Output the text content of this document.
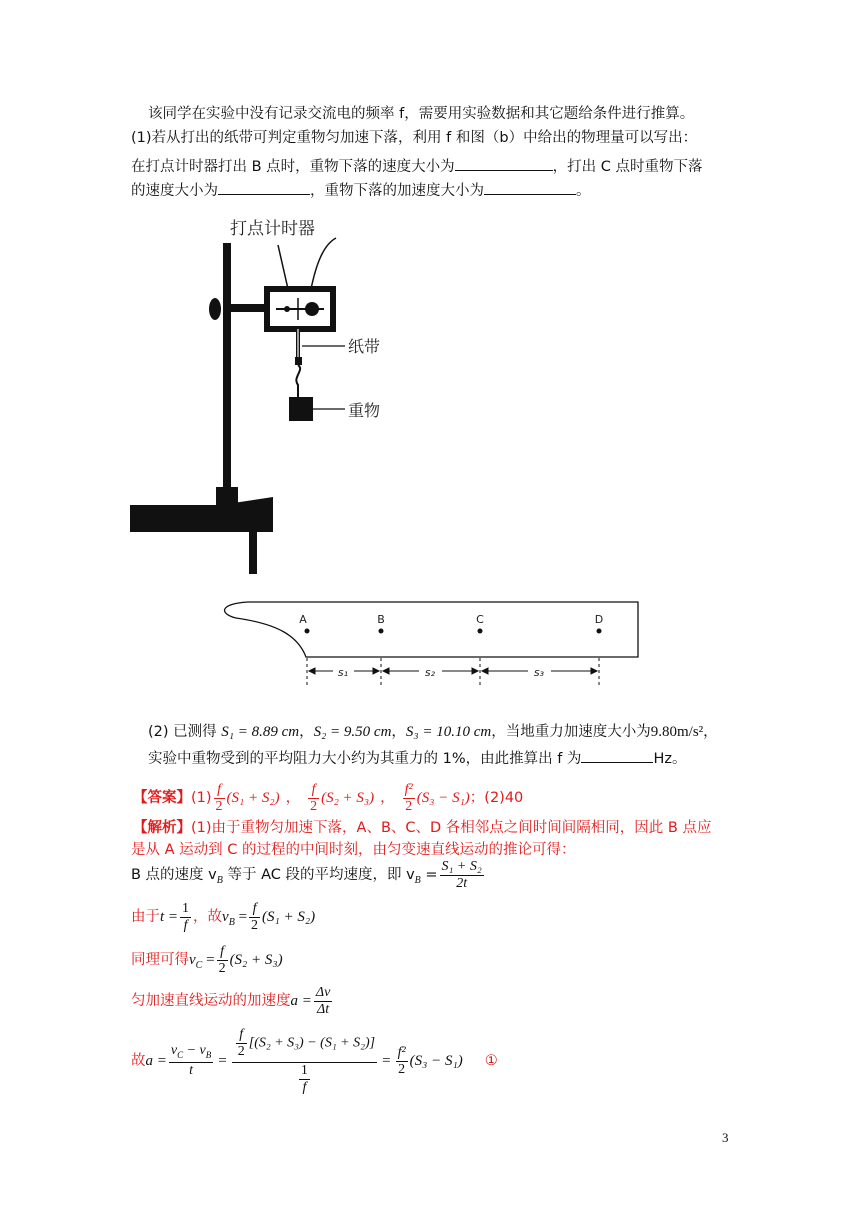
该同学在实验中没有记录交流电的频率 f，需要用实验数据和其它题给条件进行推算。
(1)若从打出的纸带可判定重物匀加速下落，利用 f 和图（b）中给出的物理量可以写出：
在打点计时器打出 B 点时，重物下落的速度大小为	，打出 C 点时重物下落
的速度大小为	，重物下落的加速度大小为	。
打点计时器
纸带
重物
A	B	C	D
s₁	s₂	s₃
(2) 已测得 S₁ = 8.89 cm，S₂ = 9.50 cm，S₃ = 10.10 cm，当地重力加速度大小为9.80m/s²，
实验中重物受到的平均阻力大小约为其重力的 1%，由此推算出 f 为	Hz。
【答案】$(1) \frac{f}{2} (S_1 + S_2)$ ， $\frac{f}{2} (S_2 + S_3)$ ， $\frac{\text{f²}}{2} (S_3 - S_1)$；(2)40
【解析】(1)由于重物匀加速下落，A、B、C、D 各相邻点之间时间间隔相同，因此 B 点应
是从 A 运动到 C 的过程的中间时刻，由匀变速直线运动的推论可得：
B 点的速度 $v_B$ 等于 AC 段的平均速度，即 $v_B = \frac{\text{S₁ + S₂}}{2t}$
由于$t = \frac{1}{f}$ ，故$v_B = \frac{f}{2} (S_1 + S_2)$
同理可得$v_C = \frac{f}{2} (S_2 + S_3)$
匀加速直线运动的加速度$a = \frac{\Delta v}{\Delta t}$
故$a = \frac{v_C - v_B}{t} = \frac{\frac{f}{2} [(S_2 + S_3) - (S_1 + S_2)]}{\frac{1}{f}} = \frac{\text{f²}}{2} (S_3 - S_1)$ ①
3
